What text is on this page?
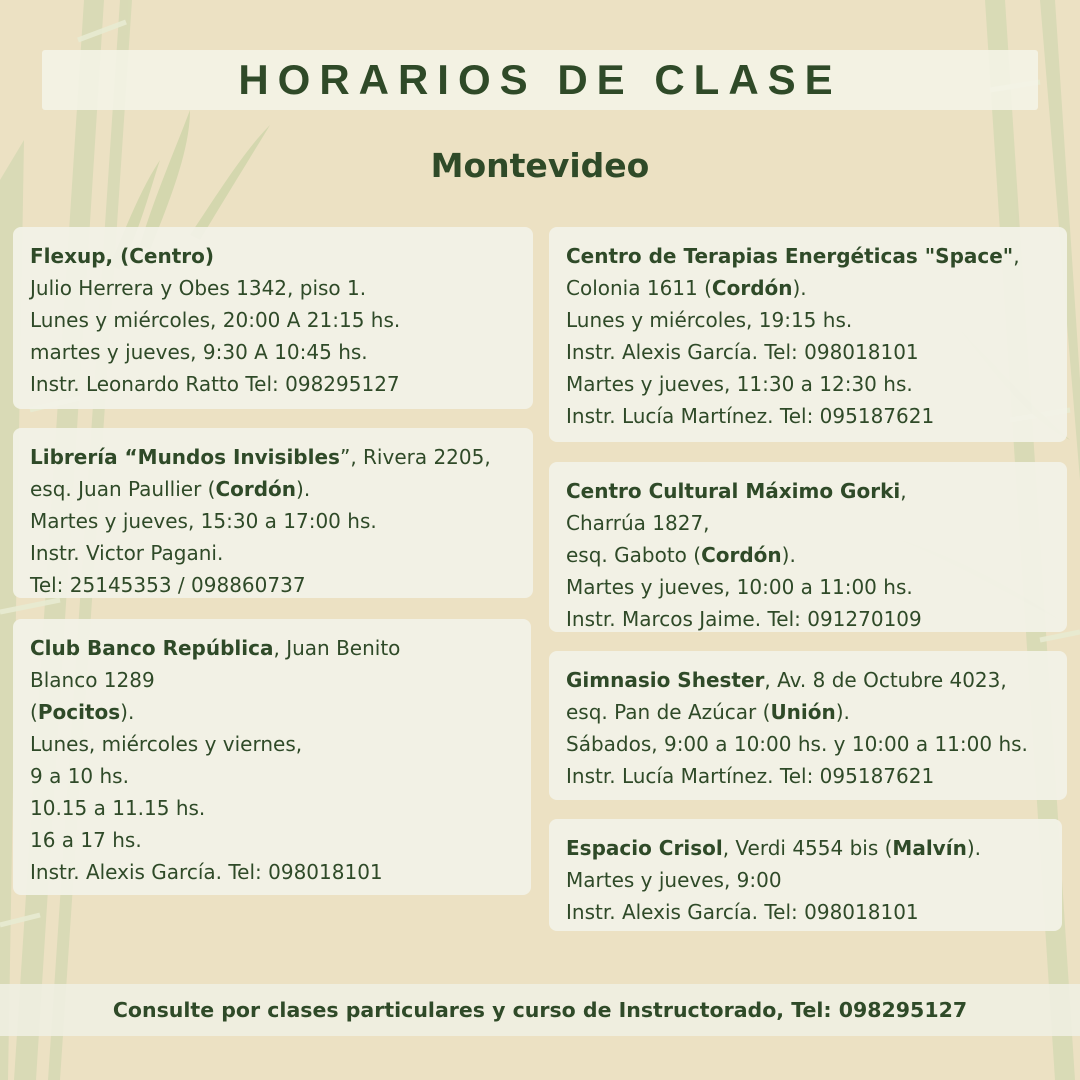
HORARIOS DE CLASE
Montevideo
Flexup, (Centro)
Julio Herrera y Obes 1342, piso 1.
Lunes y miércoles, 20:00 A 21:15 hs.
martes y jueves, 9:30 A 10:45 hs.
Instr. Leonardo Ratto Tel: 098295127
Librería “Mundos Invisibles”, Rivera 2205,
esq. Juan Paullier (Cordón).
Martes y jueves, 15:30 a 17:00 hs.
Instr. Victor Pagani.
Tel: 25145353 / 098860737
Club Banco República, Juan Benito
Blanco 1289
(Pocitos).
Lunes, miércoles y viernes,
9 a 10 hs.
10.15 a 11.15 hs.
16 a 17 hs.
Instr. Alexis García. Tel: 098018101
Centro de Terapias Energéticas "Space",
Colonia 1611 (Cordón).
Lunes y miércoles, 19:15 hs.
Instr. Alexis García. Tel: 098018101
Martes y jueves, 11:30 a 12:30 hs.
Instr. Lucía Martínez. Tel: 095187621
Centro Cultural Máximo Gorki,
Charrúa 1827,
esq. Gaboto (Cordón).
Martes y jueves, 10:00 a 11:00 hs.
Instr. Marcos Jaime. Tel: 091270109
Gimnasio Shester, Av. 8 de Octubre 4023,
esq. Pan de Azúcar (Unión).
Sábados, 9:00 a 10:00 hs. y 10:00 a 11:00 hs.
Instr. Lucía Martínez. Tel: 095187621
Espacio Crisol, Verdi 4554 bis (Malvín).
Martes y jueves, 9:00
Instr. Alexis García. Tel: 098018101
Consulte por clases particulares y curso de Instructorado, Tel: 098295127
